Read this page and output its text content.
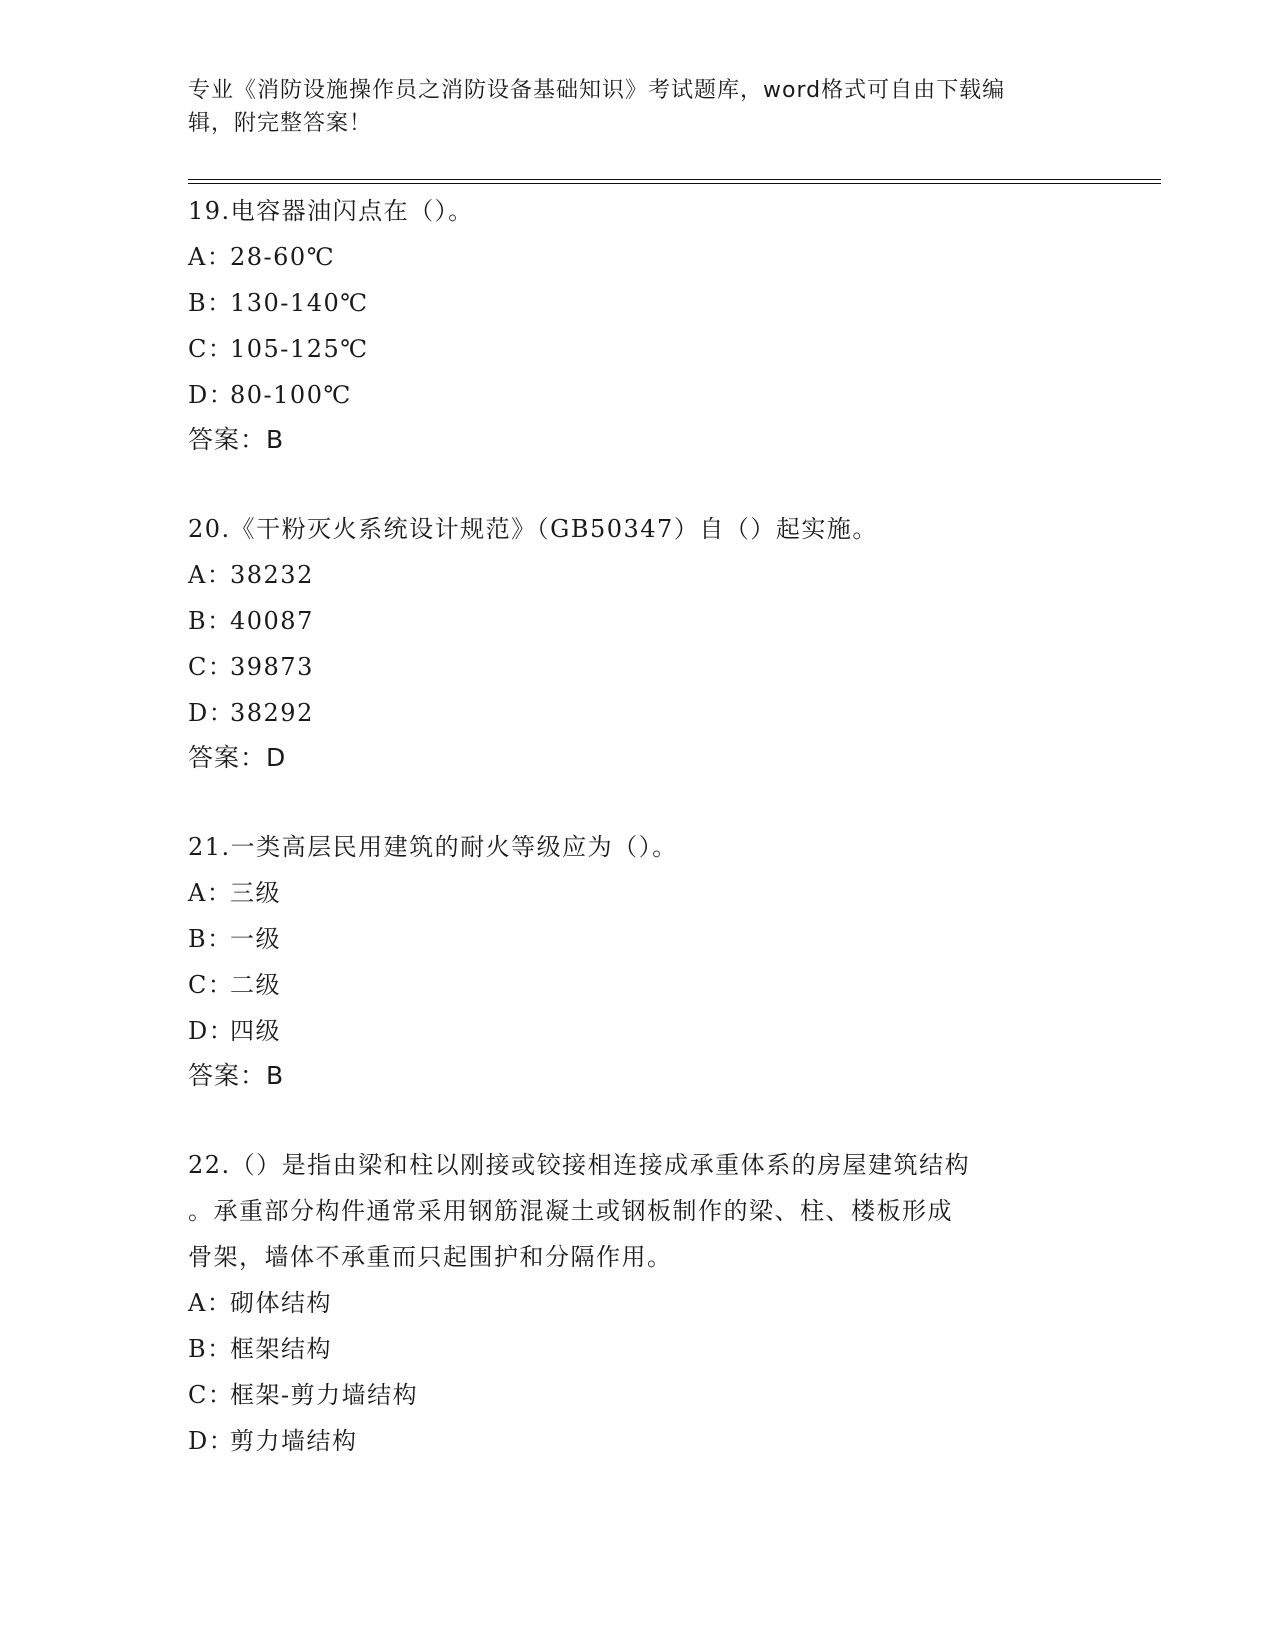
专业《消防设施操作员之消防设备基础知识》考试题库，word格式可自由下载编
辑，附完整答案！
19.电容器油闪点在（）。
A：28-60℃
B：130-140℃
C：105-125℃
D：80-100℃
答案：B
20.《干粉灭火系统设计规范》（GB50347）自（）起实施。
A：38232
B：40087
C：39873
D：38292
答案：D
21.一类高层民用建筑的耐火等级应为（）。
A：三级
B：一级
C：二级
D：四级
答案：B
22.（）是指由梁和柱以刚接或铰接相连接成承重体系的房屋建筑结构
。承重部分构件通常采用钢筋混凝土或钢板制作的梁、柱、楼板形成
骨架，墙体不承重而只起围护和分隔作用。
A：砌体结构
B：框架结构
C：框架-剪力墙结构
D：剪力墙结构
